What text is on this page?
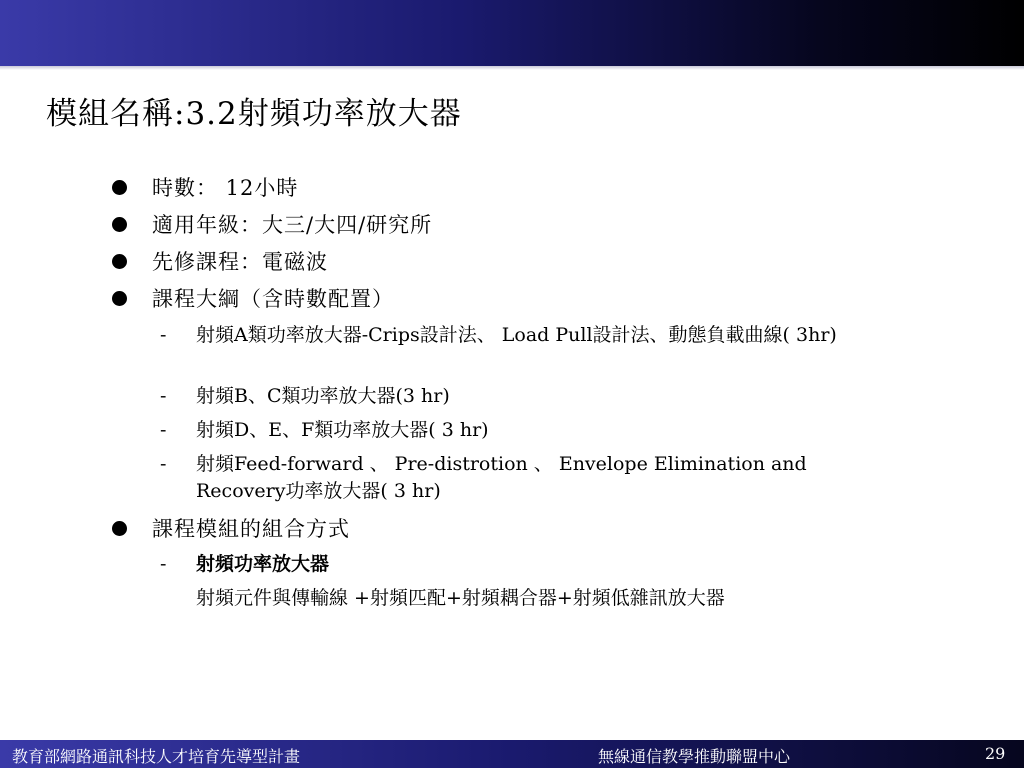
模組名稱:3.2射頻功率放大器
時數： 12小時
適用年級：大三/大四/研究所
先修課程：電磁波
課程大綱（含時數配置）
- 射頻A類功率放大器-Crips設計法、 Load Pull設計法、動態負載曲線( 3hr)
- 射頻B、C類功率放大器(3 hr)
- 射頻D、E、F類功率放大器( 3 hr)
- 射頻Feed-forward 、 Pre-distrotion 、 Envelope Elimination and Recovery功率放大器( 3 hr)
課程模組的組合方式
- 射頻功率放大器
射頻元件與傳輸線 +射頻匹配+射頻耦合器+射頻低雜訊放大器
教育部網路通訊科技人才培育先導型計畫	無線通信教學推動聯盟中心	29
